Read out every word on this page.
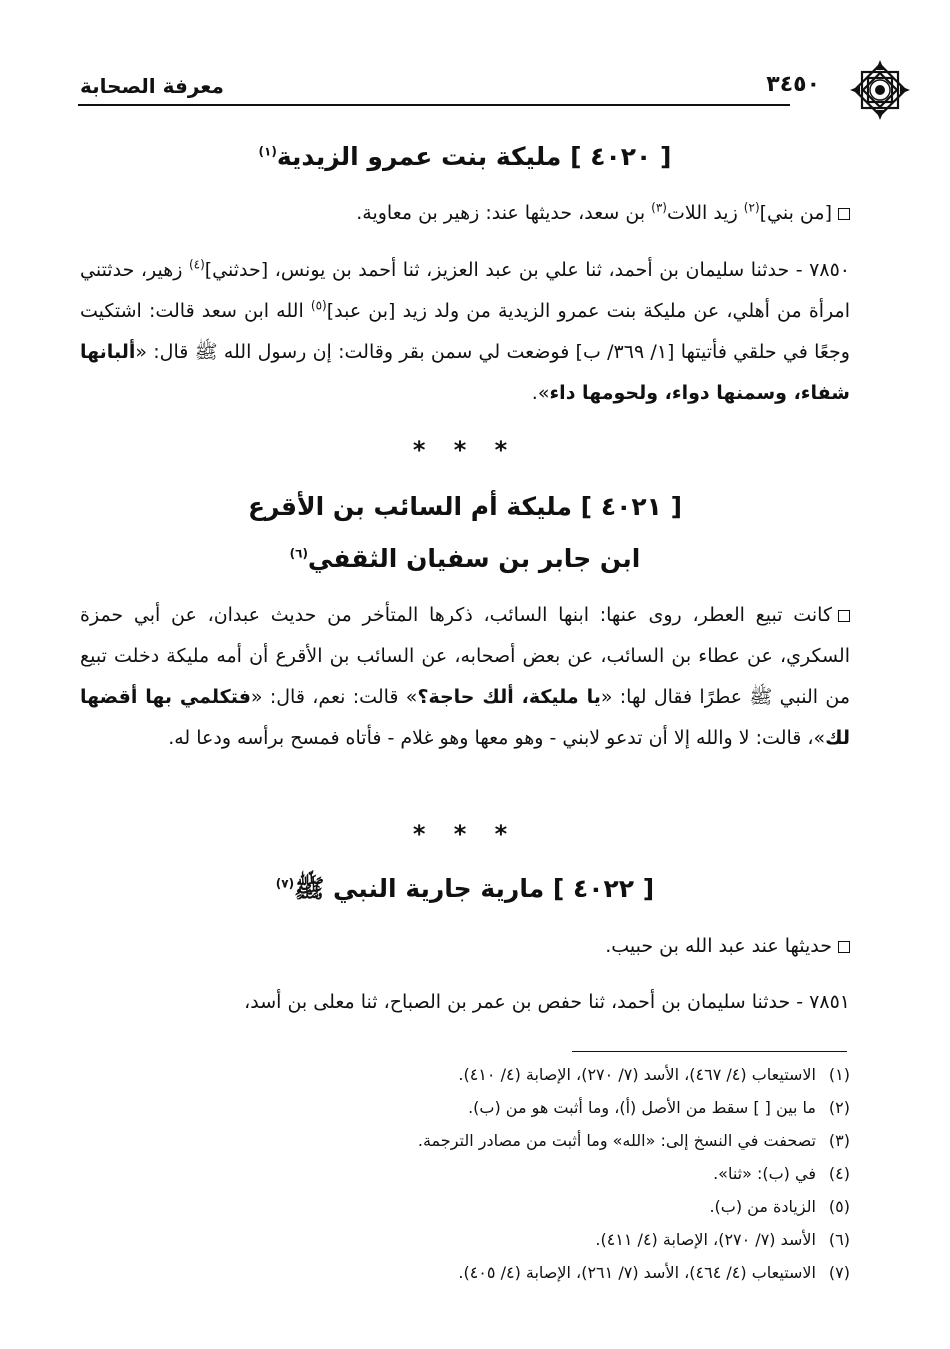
٣٤٥٠
معرفة الصحابة

[ ٤٠٢٠ ] مليكة بنت عمرو الزيدية$^{(١)}$

[من بني]$^{(٢)}$ زيد اللات$^{(٣)}$ بن سعد، حديثها عند: زهير بن معاوية.

٧٨٥٠ - حدثنا سليمان بن أحمد، ثنا علي بن عبد العزيز، ثنا أحمد بن يونس، [حدثني]$^{(٤)}$ زهير، حدثتني امرأة من أهلي، عن مليكة بنت عمرو الزيدية من ولد زيد [بن عبد]$^{(٥)}$ الله ابن سعد قالت: اشتكيت وجعًا في حلقي فأتيتها [١/ ٣٦٩/ ب] فوضعت لي سمن بقر وقالت: إن رسول الله ﷺ قال: «ألبانها شفاء، وسمنها دواء، ولحومها داء».

* * *

[ ٤٠٢١ ] مليكة أم السائب بن الأقرع

ابن جابر بن سفيان الثقفي$^{(٦)}$

كانت تبيع العطر، روى عنها: ابنها السائب، ذكرها المتأخر من حديث عبدان، عن أبي حمزة السكري، عن عطاء بن السائب، عن بعض أصحابه، عن السائب بن الأقرع أن أمه مليكة دخلت تبيع من النبي ﷺ عطرًا فقال لها: «يا مليكة، ألك حاجة؟» قالت: نعم، قال: «فتكلمي بها أقضها لك»، قالت: لا والله إلا أن تدعو لابني - وهو معها وهو غلام - فأتاه فمسح برأسه ودعا له.

* * *

[ ٤٠٢٢ ] مارية جارية النبي ﷺ$^{(٧)}$

حديثها عند عبد الله بن حبيب.

٧٨٥١ - حدثنا سليمان بن أحمد، ثنا حفص بن عمر بن الصباح، ثنا معلى بن أسد،

(١)الاستيعاب (٤/ ٤٦٧)، الأسد (٧/ ٢٧٠)، الإصابة (٤/ ٤١٠).

(٢)ما بين [ ] سقط من الأصل (أ)، وما أثبت هو من (ب).

(٣)تصحفت في النسخ إلى: «الله» وما أثبت من مصادر الترجمة.

(٤)في (ب): «ثنا».

(٥)الزيادة من (ب).

(٦)الأسد (٧/ ٢٧٠)، الإصابة (٤/ ٤١١).

(٧)الاستيعاب (٤/ ٤٦٤)، الأسد (٧/ ٢٦١)، الإصابة (٤/ ٤٠٥).
